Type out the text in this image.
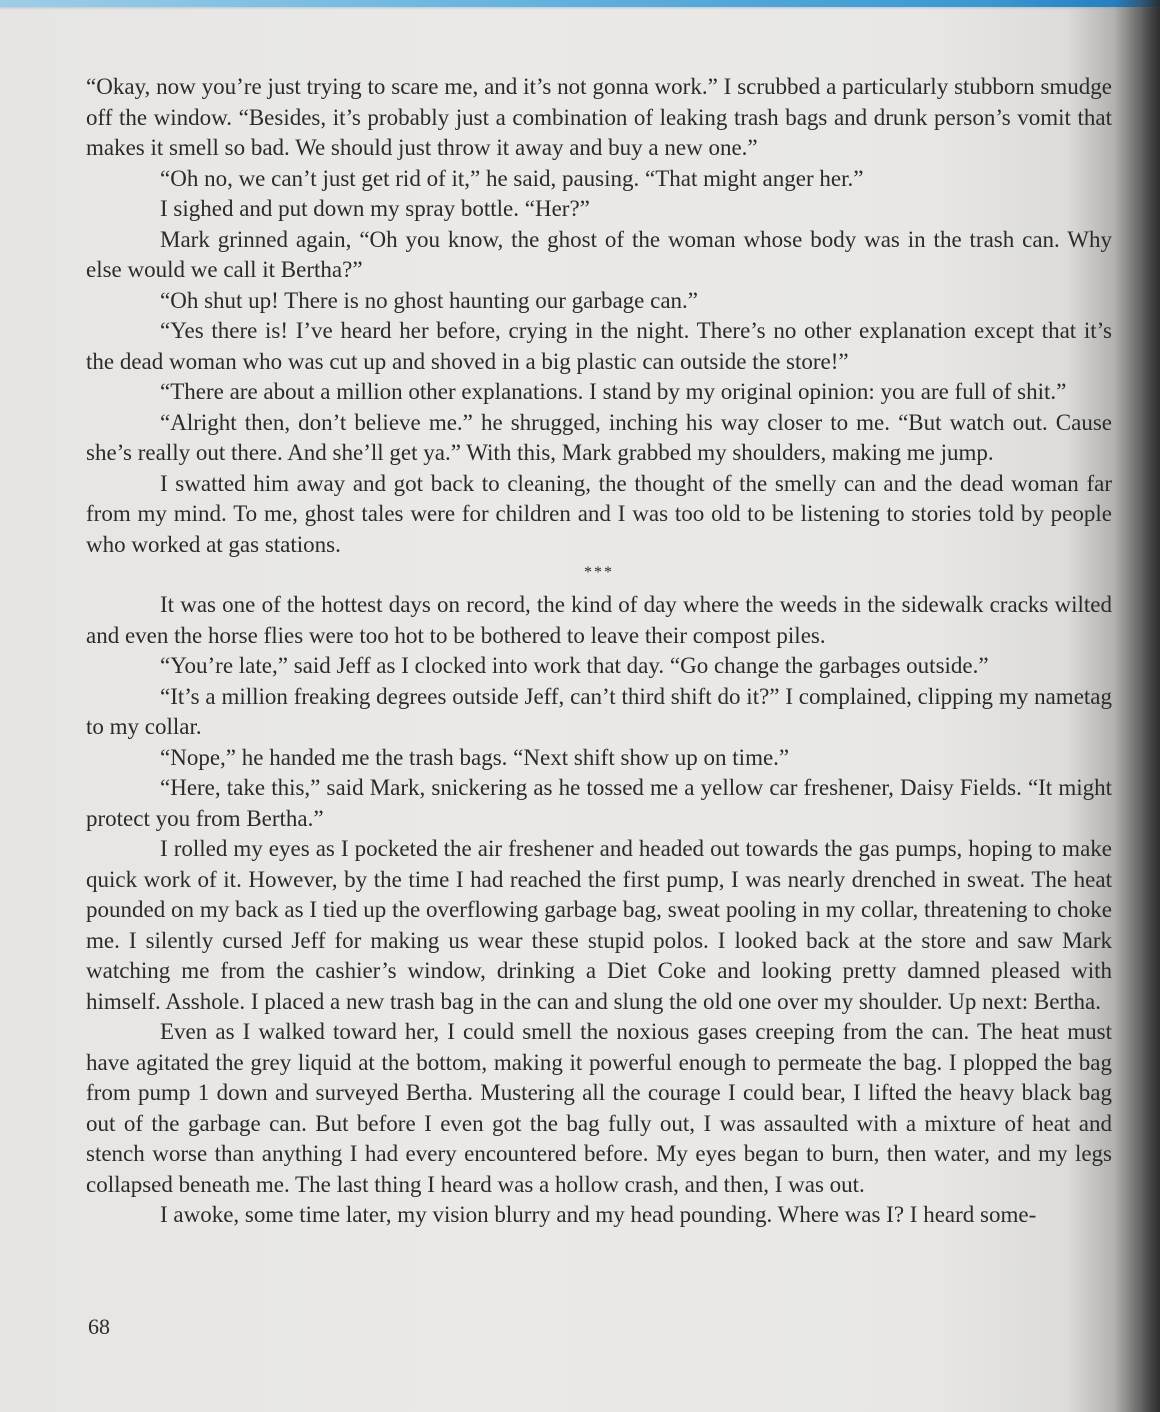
“Okay, now you’re just trying to scare me, and it’s not gonna work.” I scrubbed a particularly stubborn smudge off the window. “Besides, it’s probably just a combination of leaking trash bags and drunk person’s vomit that makes it smell so bad. We should just throw it away and buy a new one.”

“Oh no, we can’t just get rid of it,” he said, pausing. “That might anger her.”

I sighed and put down my spray bottle. “Her?”

Mark grinned again, “Oh you know, the ghost of the woman whose body was in the trash can. Why else would we call it Bertha?”

“Oh shut up! There is no ghost haunting our garbage can.”

“Yes there is! I’ve heard her before, crying in the night. There’s no other explanation except that it’s the dead woman who was cut up and shoved in a big plastic can outside the store!”

“There are about a million other explanations. I stand by my original opinion: you are full of shit.”

“Alright then, don’t believe me.” he shrugged, inching his way closer to me. “But watch out. Cause she’s really out there. And she’ll get ya.” With this, Mark grabbed my shoulders, making me jump.

I swatted him away and got back to cleaning, the thought of the smelly can and the dead woman far from my mind. To me, ghost tales were for children and I was too old to be listening to stories told by people who worked at gas stations.

***

It was one of the hottest days on record, the kind of day where the weeds in the sidewalk cracks wilted and even the horse flies were too hot to be bothered to leave their compost piles.

“You’re late,” said Jeff as I clocked into work that day. “Go change the garbages outside.”

“It’s a million freaking degrees outside Jeff, can’t third shift do it?” I complained, clipping my nametag to my collar.

“Nope,” he handed me the trash bags. “Next shift show up on time.”

“Here, take this,” said Mark, snickering as he tossed me a yellow car freshener, Daisy Fields. “It might protect you from Bertha.”

I rolled my eyes as I pocketed the air freshener and headed out towards the gas pumps, hoping to make quick work of it. However, by the time I had reached the first pump, I was nearly drenched in sweat. The heat pounded on my back as I tied up the overflowing garbage bag, sweat pooling in my collar, threatening to choke me. I silently cursed Jeff for making us wear these stupid polos. I looked back at the store and saw Mark watching me from the cashier’s window, drinking a Diet Coke and looking pretty damned pleased with himself. Asshole. I placed a new trash bag in the can and slung the old one over my shoulder. Up next: Bertha.

Even as I walked toward her, I could smell the noxious gases creeping from the can. The heat must have agitated the grey liquid at the bottom, making it powerful enough to permeate the bag. I plopped the bag from pump 1 down and surveyed Bertha. Mustering all the courage I could bear, I lifted the heavy black bag out of the garbage can. But before I even got the bag fully out, I was assaulted with a mixture of heat and stench worse than anything I had every encountered before. My eyes began to burn, then water, and my legs collapsed beneath me. The last thing I heard was a hollow crash, and then, I was out.

I awoke, some time later, my vision blurry and my head pounding. Where was I? I heard some-

68
